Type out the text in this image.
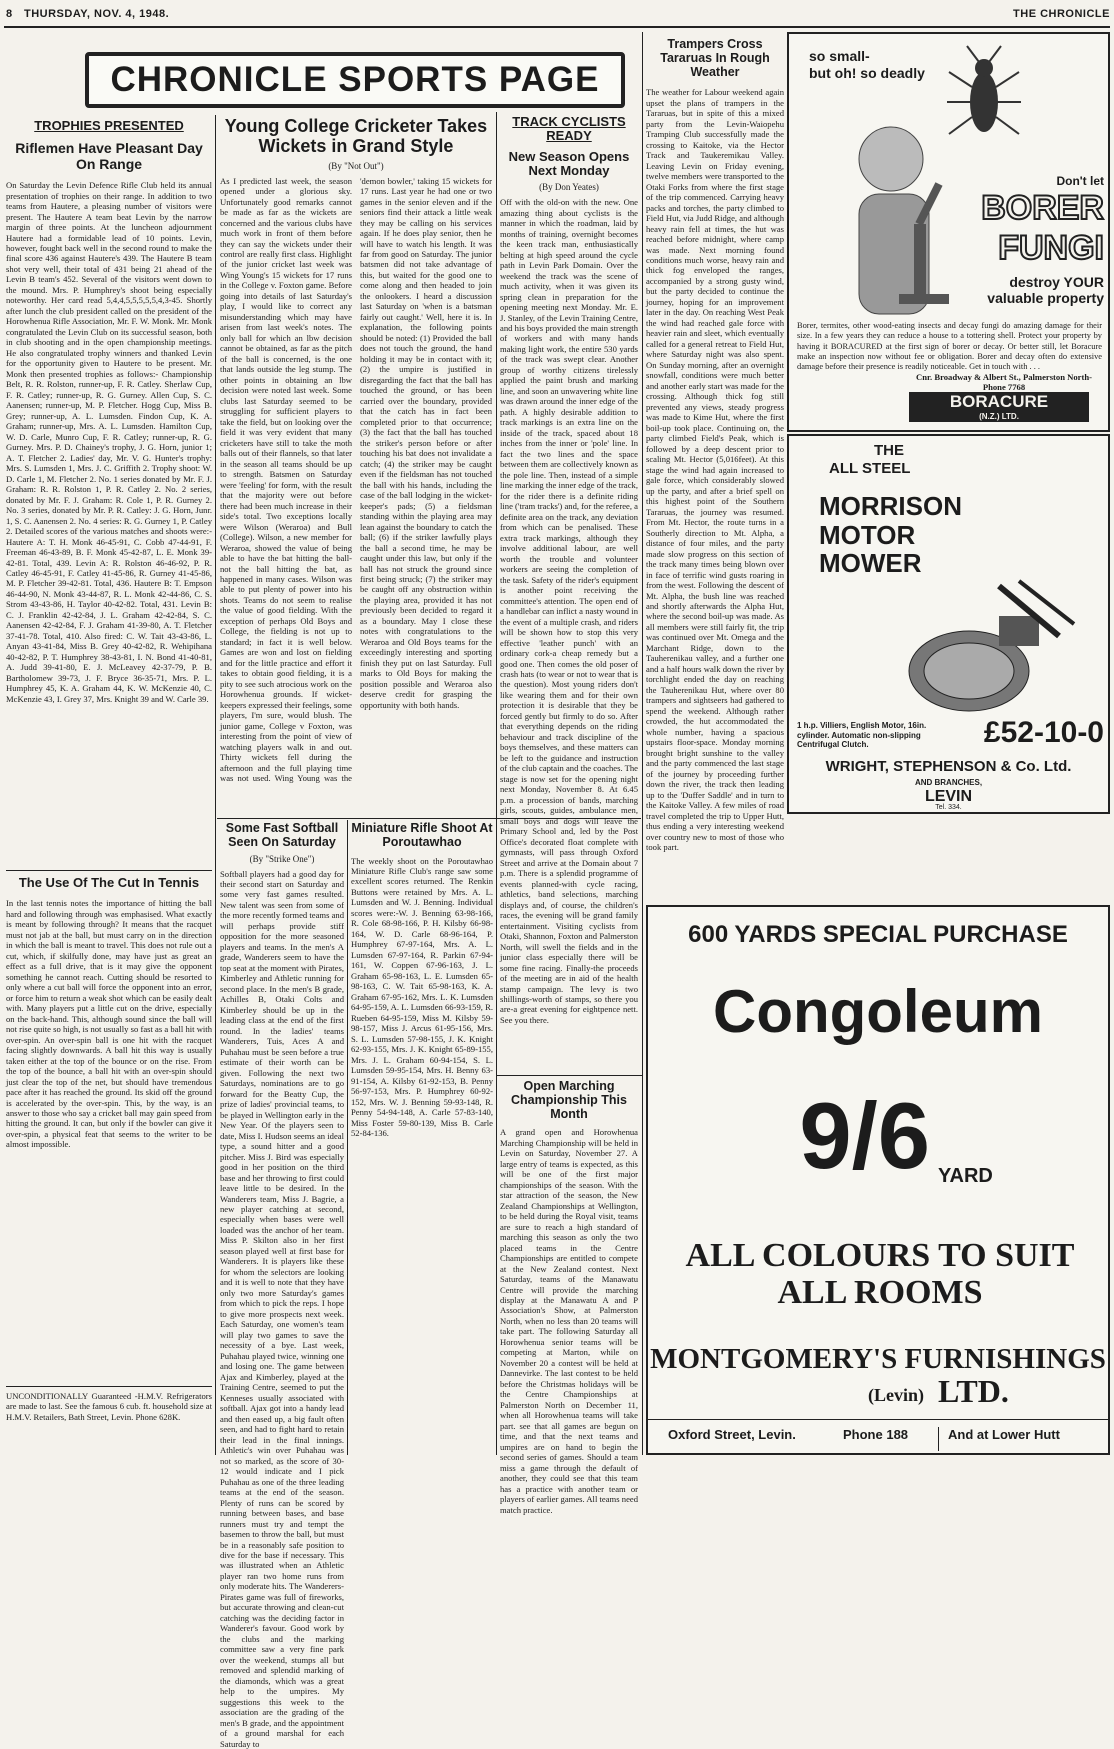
8	THURSDAY, NOV. 4, 1948.	THE CHRONICLE
CHRONICLE SPORTS PAGE
TROPHIES PRESENTED
Riflemen Have Pleasant Day On Range
On Saturday the Levin Defence Rifle Club held its annual presentation of trophies on their range. In addition to two teams from Hautere, a pleasing number of visitors were present. The Hautere A team beat Levin by the narrow margin of three points. At the luncheon adjournment Hautere had a formidable lead of 10 points. Levin, however, fought back well in the second round to make the final score 436 against Hautere's 439. The Hautere B team shot very well, their total of 431 being 21 ahead of the Levin B team's 452. Several of the visitors went down to the mound. Mrs. P. Humphrey's shoot being especially noteworthy. Her card read 5,4,4,5,5,5,5,5,4,3-45. Shortly after lunch the club president called on the president of the Horowhenua Rifle Association, Mr. F. W. Monk. Mr. Monk congratulated the Levin Club on its successful season, both in club shooting and in the open championship meetings. He also congratulated trophy winners and thanked Levin for the opportunity given to Hautere to be present. Mr. Monk then presented trophies as follows:- Championship Belt, R. R. Rolston, runner-up, F. R. Catley. Sherlaw Cup, F. R. Catley; runner-up, R. G. Gurney. Allen Cup, S. C. Aanensen; runner-up, M. P. Fletcher. Hogg Cup, Miss B. Grey; runner-up, A. L. Lumsden. Findon Cup, K. A. Graham; runner-up, Mrs. A. L. Lumsden. Hamilton Cup, W. D. Carle, Munro Cup, F. R. Catley; runner-up, R. G. Gurney. Mrs. P. D. Chainey's trophy, J. G. Horn, junior 1; A. T. Fletcher 2. Ladies' day, Mr. V. G. Hunter's trophy: Mrs. S. Lumsden 1, Mrs. J. C. Griffith 2. Trophy shoot: W. D. Carle 1, M. Fletcher 2. No. 1 series donated by Mr. F. J. Graham: R. R. Rolston 1, P. R. Catley 2. No. 2 series, donated by Mr. F. J. Graham: R. Cole 1, P. R. Gurney 2. No. 3 series, donated by Mr. P. R. Catley: J. G. Horn, Junr. 1, S. C. Aanensen 2. No. 4 series: R. G. Gurney 1, P. Catley 2. Detailed scores of the various matches and shoots were:- Hautere A: T. H. Monk 46-45-91, C. Cobb 47-44-91, F. Freeman 46-43-89, B. F. Monk 45-42-87, L. E. Monk 39-42-81. Total, 439. Levin A: R. Rolston 46-46-92, P. R. Catley 46-45-91, F. Catley 41-45-86, R. Gurney 41-45-86, M. P. Fletcher 39-42-81. Total, 436. Hautere B: T. Empson 46-44-90, N. Monk 43-44-87, R. L. Monk 42-44-86, C. S. Strom 43-43-86, H. Taylor 40-42-82. Total, 431. Levin B: C. J. Franklin 42-42-84, J. L. Graham 42-42-84, S. C. Aanensen 42-42-84, F. J. Graham 41-39-80, A. T. Fletcher 37-41-78. Total, 410. Also fired: C. W. Tait 43-43-86, L. Anyan 43-41-84, Miss B. Grey 40-42-82, R. Wehipihana 40-42-82, P. T. Humphrey 38-43-81, I. N. Bond 41-40-81, A. Judd 39-41-80, E. J. McLeavey 42-37-79, P. B. Bartholomew 39-73, J. F. Bryce 36-35-71, Mrs. P. L. Humphrey 45, K. A. Graham 44, K. W. McKenzie 40, C. McKenzie 43, I. Grey 37, Mrs. Knight 39 and W. Carle 39.
The Use Of The Cut In Tennis
In the last tennis notes the importance of hitting the ball hard and following through was emphasised. What exactly is meant by following through? It means that the racquet must not jab at the ball, but must carry on in the direction in which the ball is meant to travel. This does not rule out a cut, which, if skilfully done, may have just as great an effect as a full drive, that is it may give the opponent something he cannot reach. Cutting should be resorted to only where a cut ball will force the opponent into an error, or force him to return a weak shot which can be easily dealt with. Many players put a little cut on the drive, especially on the back-hand. This, although sound since the ball will not rise quite so high, is not usually so fast as a ball hit with over-spin. An over-spin ball is one hit with the racquet facing slightly downwards. A ball hit this way is usually taken either at the top of the bounce or on the rise. From the top of the bounce, a ball hit with an over-spin should just clear the top of the net, but should have tremendous pace after it has reached the ground. Its skid off the ground is accelerated by the over-spin. This, by the way, is an answer to those who say a cricket ball may gain speed from hitting the ground. It can, but only if the bowler can give it over-spin, a physical feat that seems to the writer to be almost impossible.
UNCONDITIONALLY Guaranteed -H.M.V. Refrigerators are made to last. See the famous 6 cub. ft. household size at H.M.V. Retailers, Bath Street, Levin. Phone 628K.
Young College Cricketer Takes Wickets in Grand Style
(By "Not Out")
As I predicted last week, the season opened under a glorious sky. Unfortunately good remarks cannot be made as far as the wickets are concerned and the various clubs have much work in front of them before they can say the wickets under their control are really first class. Highlight of the junior cricket last week was Wing Young's 15 wickets for 17 runs in the College v. Foxton game. Before going into details of last Saturday's play, I would like to correct any misunderstanding which may have arisen from last week's notes. The only ball for which an lbw decision cannot be obtained, as far as the pitch of the ball is concerned, is the one that lands outside the leg stump. The other points in obtaining an lbw decision were noted last week. Some clubs last Saturday seemed to be struggling for sufficient players to take the field, but on looking over the field it was very evident that many cricketers have still to take the moth balls out of their flannels, so that later in the season all teams should be up to strength. Batsmen on Saturday were 'feeling' for form, with the result that the majority were out before there had been much increase in their side's total. Two exceptions locally were Wilson (Weraroa) and Bull (College). Wilson, a new member for Weraroa, showed the value of being able to have the bat hitting the ball-not the ball hitting the bat, as happened in many cases. Wilson was able to put plenty of power into his shots. Teams do not seem to realise the value of good fielding. With the exception of perhaps Old Boys and College, the fielding is not up to standard; in fact it is well below. Games are won and lost on fielding and for the little practice and effort it takes to obtain good fielding, it is a pity to see such atrocious work on the Horowhenua grounds. If wicket-keepers expressed their feelings, some players, I'm sure, would blush. The junior game, College v Foxton, was interesting from the point of view of watching players walk in and out. Thirty wickets fell during the afternoon and the full playing time was not used. Wing Young was the 'demon bowler,' taking 15 wickets for 17 runs. Last year he had one or two games in the senior eleven and if the seniors find their attack a little weak they may be calling on his services again. If he does play senior, then he will have to watch his length. It was far from good on Saturday. The junior batsmen did not take advantage of this, but waited for the good one to come along and then headed to join the onlookers. I heard a discussion last Saturday on 'when is a batsman fairly out caught.' Well, here it is. In explanation, the following points should be noted: (1) Provided the ball does not touch the ground, the hand holding it may be in contact with it; (2) the umpire is justified in disregarding the fact that the ball has touched the ground, or has been carried over the boundary, provided that the catch has in fact been completed prior to that occurrence; (3) the fact that the ball has touched the striker's person before or after touching his bat does not invalidate a catch; (4) the striker may be caught even if the fieldsman has not touched the ball with his hands, including the case of the ball lodging in the wicket-keeper's pads; (5) a fieldsman standing within the playing area may lean against the boundary to catch the ball; (6) if the striker lawfully plays the ball a second time, he may be caught under this law, but only if the ball has not struck the ground since first being struck; (7) the striker may be caught off any obstruction within the playing area, provided it has not previously been decided to regard it as a boundary. May I close these notes with congratulations to the Weraroa and Old Boys teams for the exceedingly interesting and sporting finish they put on last Saturday. Full marks to Old Boys for making the position possible and Weraroa also deserve credit for grasping the opportunity with both hands.
TRACK CYCLISTS READY
New Season Opens Next Monday
(By Don Yeates)
Off with the old-on with the new. One amazing thing about cyclists is the manner in which the roadman, laid by months of training, overnight becomes the keen track man, enthusiastically belting at high speed around the cycle path in Levin Park Domain. Over the weekend the track was the scene of much activity, when it was given its spring clean in preparation for the opening meeting next Monday. Mr. E. J. Stanley, of the Levin Training Centre, and his boys provided the main strength of workers and with many hands making light work, the entire 530 yards of the track was swept clear. Another group of worthy citizens tirelessly applied the paint brush and marking line, and soon an unwavering white line was drawn around the inner edge of the path. A highly desirable addition to track markings is an extra line on the inside of the track, spaced about 18 inches from the inner or 'pole' line. In fact the two lines and the space between them are collectively known as the pole line. Then, instead of a simple line marking the inner edge of the track, for the rider there is a definite riding line ('tram tracks') and, for the referee, a definite area on the track, any deviation from which can be penalised. These extra track markings, although they involve additional labour, are well worth the trouble and volunteer workers are seeing the completion of the task. Safety of the rider's equipment is another point receiving the committee's attention. The open end of a handlebar can inflict a nasty wound in the event of a multiple crash, and riders will be shown how to stop this very effective 'leather punch' with an ordinary cork-a cheap remedy but a good one. Then comes the old poser of crash hats (to wear or not to wear that is the question). Most young riders don't like wearing them and for their own protection it is desirable that they be forced gently but firmly to do so. After that everything depends on the riding behaviour and track discipline of the boys themselves, and these matters can be left to the guidance and instruction of the club captain and the coaches. The stage is now set for the opening night next Monday, November 8. At 6.45 p.m. a procession of bands, marching girls, scouts, guides, ambulance men, small boys and dogs will leave the Primary School and, led by the Post Office's decorated float complete with gymnasts, will pass through Oxford Street and arrive at the Domain about 7 p.m. There is a splendid programme of events planned-with cycle racing, athletics, band selections, marching displays and, of course, the children's races, the evening will be grand family entertainment. Visiting cyclists from Otaki, Shannon, Foxton and Palmerston North, will swell the fields and in the junior class especially there will be some fine racing. Finally-the proceeds of the meeting are in aid of the health stamp campaign. The levy is two shillings-worth of stamps, so there you are-a great evening for eightpence nett. See you there.
Some Fast Softball Seen On Saturday
(By "Strike One")
Softball players had a good day for their second start on Saturday and some very fast games resulted. New talent was seen from some of the more recently formed teams and will perhaps provide stiff opposition for the more seasoned players and teams. In the men's A grade, Wanderers seem to have the top seat at the moment with Pirates, Kimberley and Athletic running for second place. In the men's B grade, Achilles B, Otaki Colts and Kimberley should be up in the leading class at the end of the first round. In the ladies' teams Wanderers, Tuis, Aces A and Puhahau must be seen before a true estimate of their worth can be given. Following the next two Saturdays, nominations are to go forward for the Beatty Cup, the prize of ladies' provincial teams, to be played in Wellington early in the New Year. Of the players seen to date, Miss I. Hudson seems an ideal type, a sound hitter and a good pitcher. Miss J. Bird was especially good in her position on the third base and her throwing to first could leave little to be desired. In the Wanderers team, Miss J. Bagrie, a new player catching at second, especially when bases were well loaded was the anchor of her team. Miss P. Skilton also in her first season played well at first base for Wanderers. It is players like these for whom the selectors are looking and it is well to note that they have only two more Saturday's games from which to pick the reps. I hope to give more prospects next week. Each Saturday, one women's team will play two games to save the necessity of a bye. Last week, Puhahau played twice, winning one and losing one. The game between Ajax and Kimberley, played at the Training Centre, seemed to put the Kenneses usually associated with softball. Ajax got into a handy lead and then eased up, a big fault often seen, and had to fight hard to retain their lead in the final innings. Athletic's win over Puhahau was not so marked, as the score of 30-12 would indicate and I pick Puhahau as one of the three leading teams at the end of the season. Plenty of runs can be scored by running between bases, and base runners must try and tempt the basemen to throw the ball, but must be in a reasonably safe position to dive for the base if necessary. This was illustrated when an Athletic player ran two home runs from only moderate hits. The Wanderers-Pirates game was full of fireworks, but accurate throwing and clean-cut catching was the deciding factor in Wanderer's favour. Good work by the clubs and the marking committee saw a very fine park over the weekend, stumps all but removed and splendid marking of the diamonds, which was a great help to the umpires. My suggestions this week to the association are the grading of the men's B grade, and the appointment of a ground marshal for each Saturday to
Miniature Rifle Shoot At Poroutawhao
The weekly shoot on the Poroutawhao Miniature Rifle Club's range saw some excellent scores returned. The Renkin Buttons were retained by Mrs. A. L. Lumsden and W. J. Benning. Individual scores were:-W. J. Benning 63-98-166, R. Cole 68-98-166, P. H. Kilsby 66-98-164, W. D. Carle 68-96-164, P. Humphrey 67-97-164, Mrs. A. L. Lumsden 67-97-164, R. Parkin 67-94-161, W. Coppen 67-96-163, J. L. Graham 65-98-163, L. E. Lumsden 65-98-163, C. W. Tait 65-98-163, K. A. Graham 67-95-162, Mrs. L. K. Lumsden 64-95-159, A. L. Lumsden 66-93-159, R. Rueben 64-95-159, Miss M. Kilsby 59-98-157, Miss J. Arcus 61-95-156, Mrs. S. L. Lumsden 57-98-155, J. K. Knight 62-93-155, Mrs. J. K. Knight 65-89-155, Mrs. J. L. Graham 60-94-154, S. L. Lumsden 59-95-154, Mrs. H. Benny 63-91-154, A. Kilsby 61-92-153, B. Penny 56-97-153, Mrs. P. Humphrey 60-92-152, Mrs. W. J. Benning 59-93-148, R. Penny 54-94-148, A. Carle 57-83-140, Miss Foster 59-80-139, Miss B. Carle 52-84-136.
Open Marching Championship This Month
A grand open and Horowhenua Marching Championship will be held in Levin on Saturday, November 27. A large entry of teams is expected, as this will be one of the first major championships of the season. With the star attraction of the season, the New Zealand Championships at Wellington, to be held during the Royal visit, teams are sure to reach a high standard of marching this season as only the two placed teams in the Centre Championships are entitled to compete at the New Zealand contest. Next Saturday, teams of the Manawatu Centre will provide the marching display at the Manawatu A and P Association's Show, at Palmerston North, when no less than 20 teams will take part. The following Saturday all Horowhenua senior teams will be competing at Marton, while on November 20 a contest will be held at Dannevirke. The last contest to be held before the Christmas holidays will be the Centre Championships at Palmerston North on December 11, when all Horowhenua teams will take part. see that all games are begun on time, and that the next teams and umpires are on hand to begin the second series of games. Should a team miss a game through the default of another, they could see that this team has a practice with another team or players of earlier games. All teams need match practice.
Trampers Cross Tararuas In Rough Weather
The weather for Labour weekend again upset the plans of trampers in the Tararuas, but in spite of this a mixed party from the Levin-Waiopehu Tramping Club successfully made the crossing to Kaitoke, via the Hector Track and Taukeremikau Valley. Leaving Levin on Friday evening, twelve members were transported to the Otaki Forks from where the first stage of the trip commenced. Carrying heavy packs and torches, the party climbed to Field Hut, via Judd Ridge, and although heavy rain fell at times, the hut was reached before midnight, where camp was made. Next morning found conditions much worse, heavy rain and thick fog enveloped the ranges, accompanied by a strong gusty wind, but the party decided to continue the journey, hoping for an improvement later in the day. On reaching West Peak the wind had reached gale force with heavier rain and sleet, which eventually called for a general retreat to Field Hut, where Saturday night was also spent. On Sunday morning, after an overnight snowfall, conditions were much better and another early start was made for the crossing. Although thick fog still prevented any views, steady progress was made to Kime Hut, where the first boil-up took place. Continuing on, the party climbed Field's Peak, which is followed by a deep descent prior to scaling Mt. Hector (5,016feet). At this stage the wind had again increased to gale force, which considerably slowed up the party, and after a brief spell on this highest point of the Southern Tararuas, the journey was resumed. From Mt. Hector, the route turns in a Southerly direction to Mt. Alpha, a distance of four miles, and the party made slow progress on this section of the track many times being blown over in face of terrific wind gusts roaring in from the west. Following the descent of Mt. Alpha, the bush line was reached and shortly afterwards the Alpha Hut, where the second boil-up was made. As all members were still fairly fit, the trip was continued over Mt. Omega and the Marchant Ridge, down to the Tauherenikau valley, and a further one and a half hours walk down the river by torchlight ended the day on reaching the Tauherenikau Hut, where over 80 trampers and sightseers had gathered to spend the weekend. Although rather crowded, the hut accommodated the whole number, having a spacious upstairs floor-space. Monday morning brought bright sunshine to the valley and the party commenced the last stage of the journey by proceeding further down the river, the track then leading up to the 'Duffer Saddle' and in turn to the Kaitoke Valley. A few miles of road travel completed the trip to Upper Hutt, thus ending a very interesting weekend over country new to most of those who took part.
so small-
but oh! so deadly
Don't let
BORER
FUNGI
destroy YOUR
valuable property
Borer, termites, other wood-eating insects and decay fungi do amazing damage for their size. In a few years they can reduce a house to a tottering shell. Protect your property by having it BORACURED at the first sign of borer or decay. Or better still, let Boracure make an inspection now without fee or obligation. Borer and decay often do extensive damage before their presence is readily noticeable. Get in touch with . . .
Cnr. Broadway & Albert St., Palmerston North-Phone 7768
BORACURE
(N.Z.) LTD.
THE
ALL STEEL
MORRISON
MOTOR
MOWER
1 h.p. Villiers, English Motor, 16in. cylinder. Automatic non-slipping Centrifugal Clutch.	£52-10-0
WRIGHT, STEPHENSON & Co. Ltd.
AND BRANCHES,
LEVIN
Tel. 334.
600 YARDS SPECIAL PURCHASE
Congoleum
9/6 YARD
ALL COLOURS TO SUIT ALL ROOMS
MONTGOMERY'S FURNISHINGS
(Levin) LTD.
Oxford Street, Levin.	Phone 188	And at Lower Hutt
